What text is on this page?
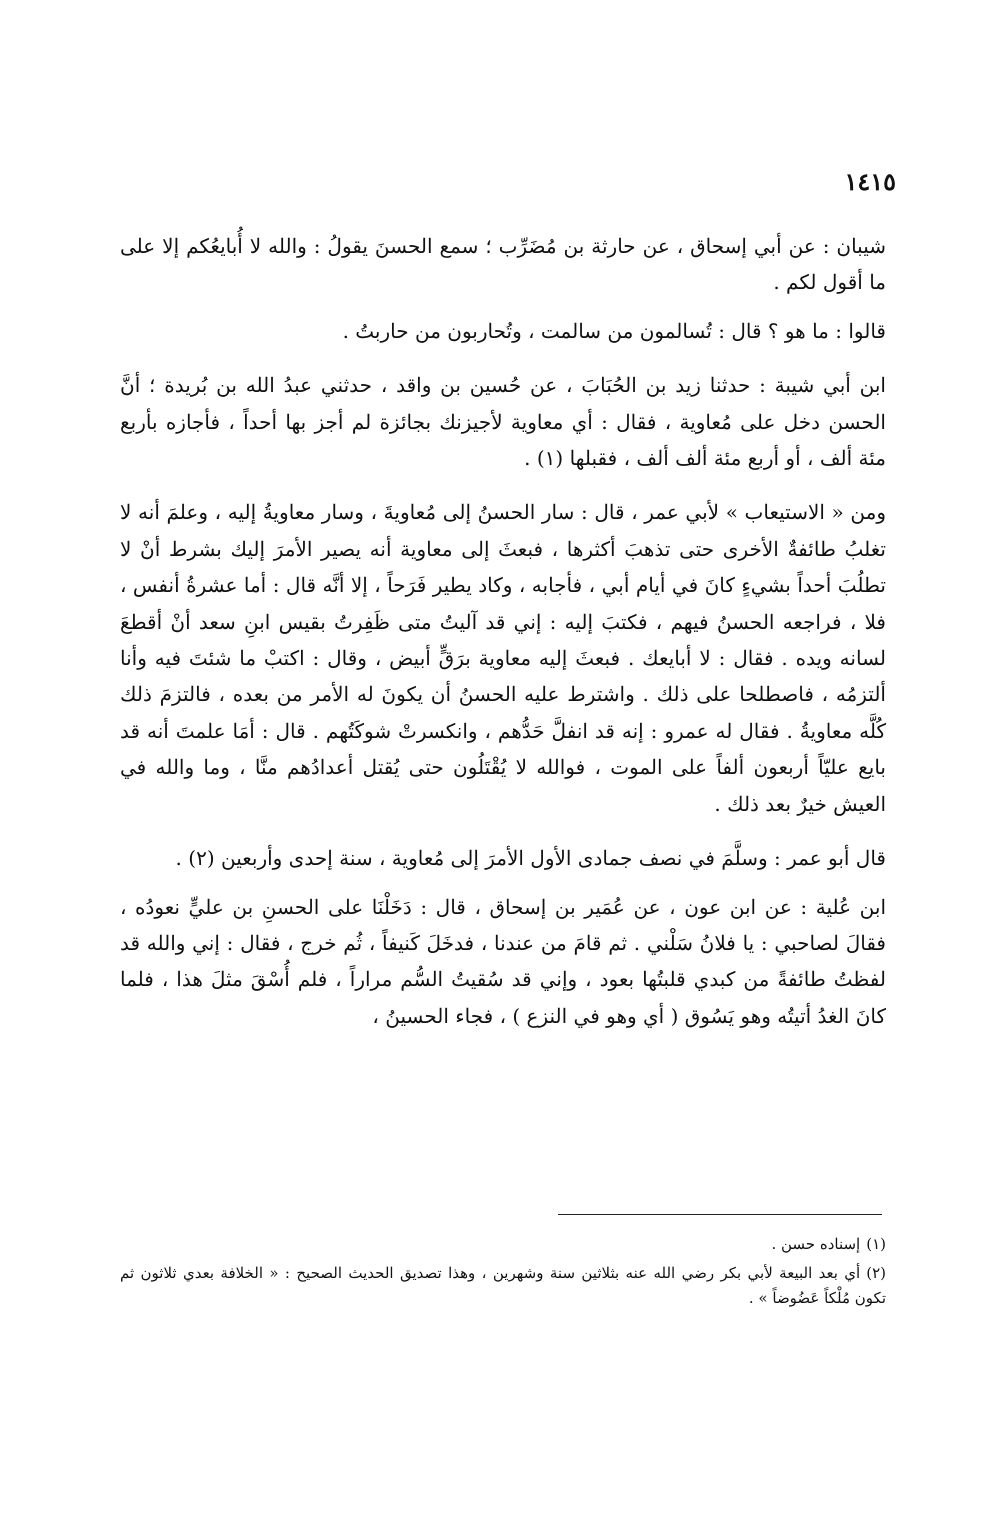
١٤١٥

شيبان : عن أبي إسحاق ، عن حارثة بن مُضَرِّب ؛ سمع الحسنَ يقولُ : والله لا أُبايعُكم إلا على ما أقول لكم .

قالوا : ما هو ؟ قال : تُسالمون من سالمت ، وتُحاربون من حاربتُ .

ابن أبي شيبة : حدثنا زيد بن الحُبَابَ ، عن حُسين بن واقد ، حدثني عبدُ الله بن بُريدة ؛ أنَّ الحسن دخل على مُعاوية ، فقال : أي معاوية لأجيزنك بجائزة لم أجز بها أحداً ، فأجازه بأربع مئة ألف ، أو أربع مئة ألف ألف ، فقبلها (١) .

ومن « الاستيعاب » لأبي عمر ، قال : سار الحسنُ إلى مُعاويةَ ، وسار معاويةُ إليه ، وعلمَ أنه لا تغلبُ طائفةٌ الأخرى حتى تذهبَ أكثرها ، فبعثَ إلى معاوية أنه يصير الأمرَ إليك بشرط أنْ لا تطلُبَ أحداً بشيءٍ كانَ في أيام أبي ، فأجابه ، وكاد يطير فَرَحاً ، إلا أنَّه قال : أما عشرةُ أنفس ، فلا ، فراجعه الحسنُ فيهم ، فكتبَ إليه : إني قد آليتُ متى ظَفِرتُ بقيس ابنِ سعد أنْ أقطعَ لسانه ويده . فقال : لا أبايعك . فبعثَ إليه معاوية برَقٍّ أبيض ، وقال : اكتبْ ما شئتَ فيه وأنا ألتزمُه ، فاصطلحا على ذلك . واشترط عليه الحسنُ أن يكونَ له الأمر من بعده ، فالتزمَ ذلك كُلَّه معاويةُ . فقال له عمرو : إنه قد انفلَّ حَدُّهم ، وانكسرتْ شوكَتُهم . قال : أمَا علمتَ أنه قد بايع عليّاً أربعون ألفاً على الموت ، فوالله لا يُقْتَلُون حتى يُقتل أعدادُهم منَّا ، وما والله في العيش خيرٌ بعد ذلك .

قال أبو عمر : وسلَّمَ في نصف جمادى الأول الأمرَ إلى مُعاوية ، سنة إحدى وأربعين (٢) .

ابن عُلية : عن ابن عون ، عن عُمَير بن إسحاق ، قال : دَخَلْنَا على الحسنِ بن عليٍّ نعودُه ، فقالَ لصاحبي : يا فلانُ سَلْني . ثم قامَ من عندنا ، فدخَلَ كَنيفاً ، ثُم خرج ، فقال : إني والله قد لفظتُ طائفةً من كبدي قلبتُها بعود ، وإني قد سُقيتُ السُّم مراراً ، فلم أُسْقَ مثلَ هذا ، فلما كانَ الغدُ أتيتُه وهو يَسُوق ( أي وهو في النزع ) ، فجاء الحسينُ ،

(١)إسناده حسن .

(٢)أي بعد البيعة لأبي بكر رضي الله عنه بثلاثين سنة وشهرين ، وهذا تصديق الحديث الصحيح : « الخلافة بعدي ثلاثون ثم تكون مُلْكاً عَضُوضاً » .
